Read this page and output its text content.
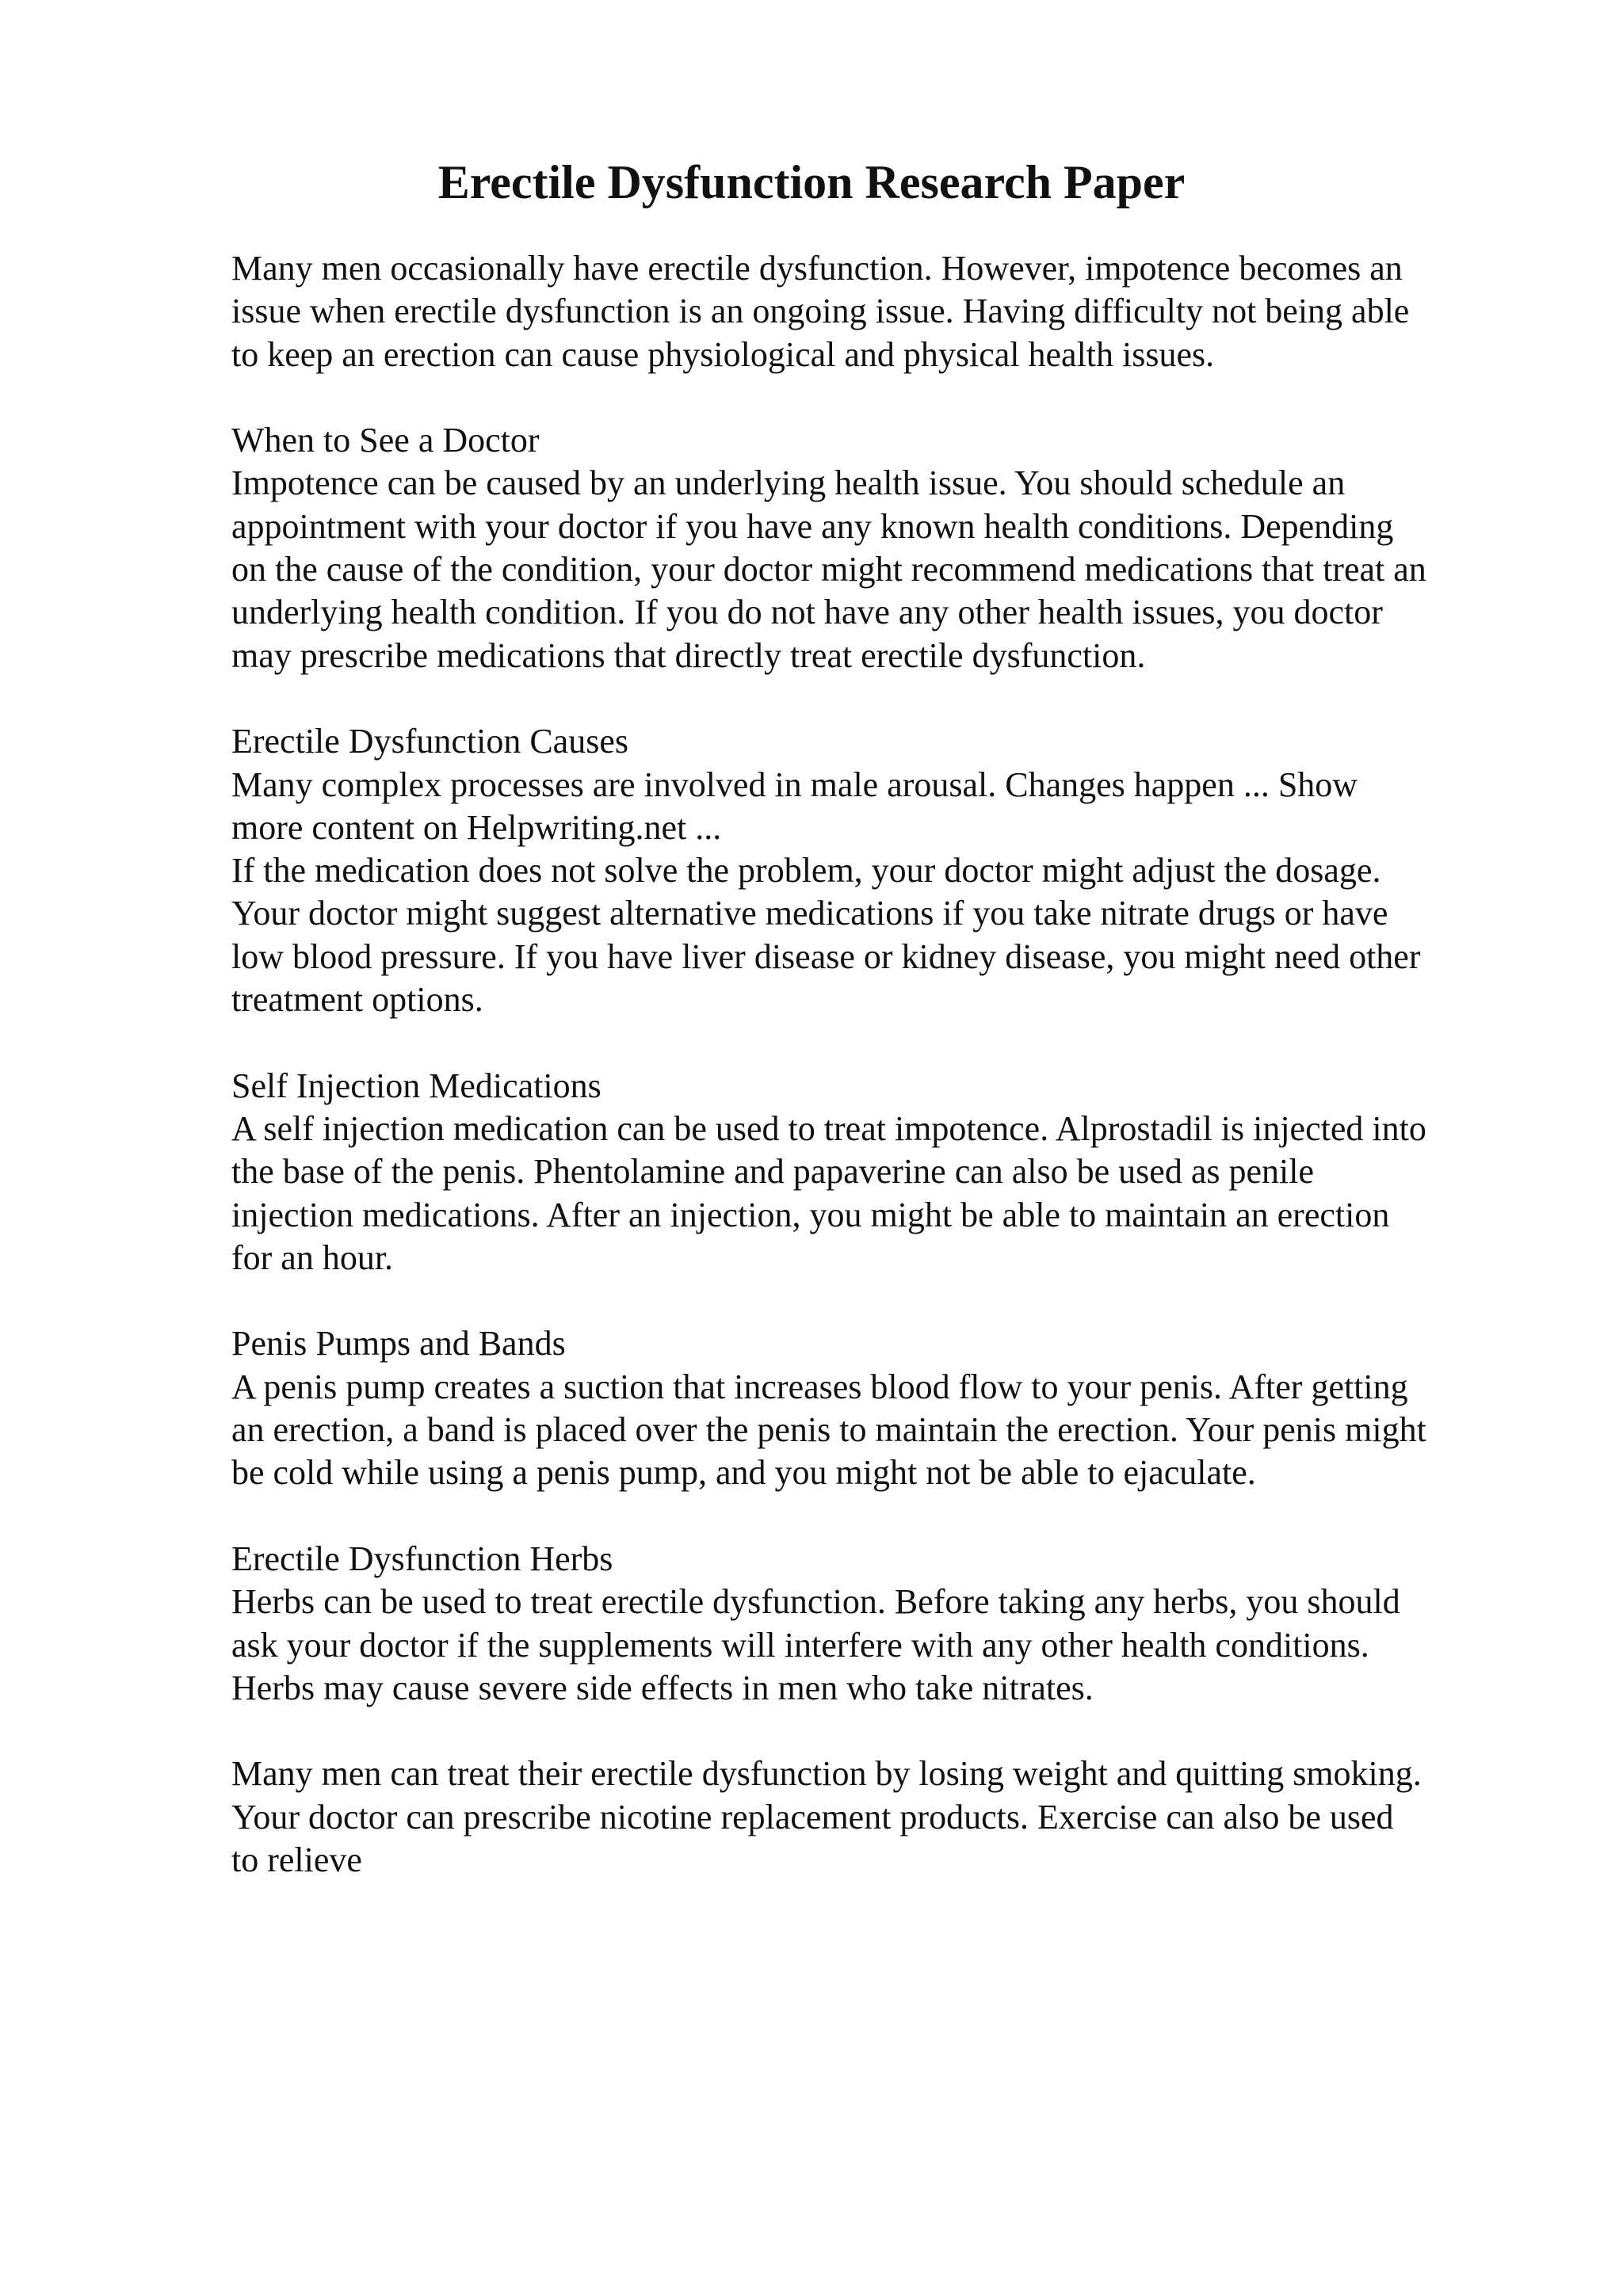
Erectile Dysfunction Research Paper

Many men occasionally have erectile dysfunction. However, impotence becomes an
issue when erectile dysfunction is an ongoing issue. Having difficulty not being able
to keep an erection can cause physiological and physical health issues.

When to See a Doctor
Impotence can be caused by an underlying health issue. You should schedule an
appointment with your doctor if you have any known health conditions. Depending
on the cause of the condition, your doctor might recommend medications that treat an
underlying health condition. If you do not have any other health issues, you doctor
may prescribe medications that directly treat erectile dysfunction.

Erectile Dysfunction Causes
Many complex processes are involved in male arousal. Changes happen ... Show
more content on Helpwriting.net ...
If the medication does not solve the problem, your doctor might adjust the dosage.
Your doctor might suggest alternative medications if you take nitrate drugs or have
low blood pressure. If you have liver disease or kidney disease, you might need other
treatment options.

Self Injection Medications
A self injection medication can be used to treat impotence. Alprostadil is injected into
the base of the penis. Phentolamine and papaverine can also be used as penile
injection medications. After an injection, you might be able to maintain an erection
for an hour.

Penis Pumps and Bands
A penis pump creates a suction that increases blood flow to your penis. After getting
an erection, a band is placed over the penis to maintain the erection. Your penis might
be cold while using a penis pump, and you might not be able to ejaculate.

Erectile Dysfunction Herbs
Herbs can be used to treat erectile dysfunction. Before taking any herbs, you should
ask your doctor if the supplements will interfere with any other health conditions.
Herbs may cause severe side effects in men who take nitrates.

Many men can treat their erectile dysfunction by losing weight and quitting smoking.
Your doctor can prescribe nicotine replacement products. Exercise can also be used
to relieve
